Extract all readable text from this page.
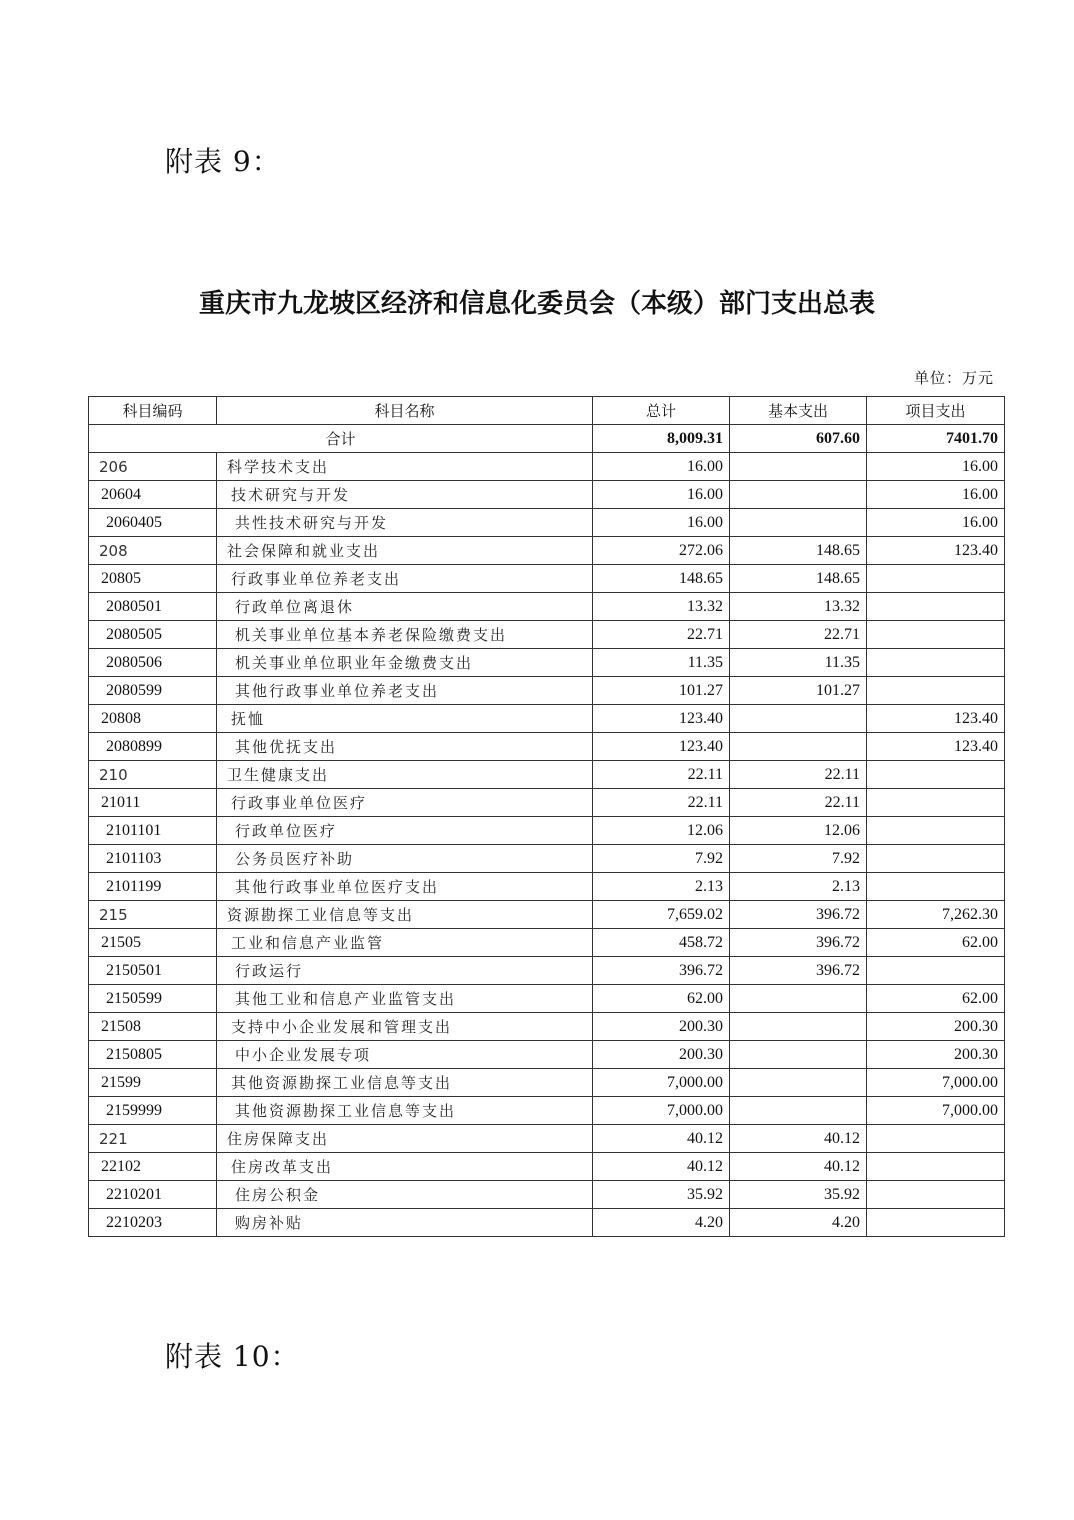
附表 9：
重庆市九龙坡区经济和信息化委员会（本级）部门支出总表
单位：万元
科目编码	科目名称	总计	基本支出	项目支出
合计		8,009.31	607.60	7401.70
206	科学技术支出	16.00		16.00
20604	技术研究与开发	16.00		16.00
2060405	共性技术研究与开发	16.00		16.00
208	社会保障和就业支出	272.06	148.65	123.40
20805	行政事业单位养老支出	148.65	148.65	
2080501	行政单位离退休	13.32	13.32	
2080505	机关事业单位基本养老保险缴费支出	22.71	22.71	
2080506	机关事业单位职业年金缴费支出	11.35	11.35	
2080599	其他行政事业单位养老支出	101.27	101.27	
20808	抚恤	123.40		123.40
2080899	其他优抚支出	123.40		123.40
210	卫生健康支出	22.11	22.11	
21011	行政事业单位医疗	22.11	22.11	
2101101	行政单位医疗	12.06	12.06	
2101103	公务员医疗补助	7.92	7.92	
2101199	其他行政事业单位医疗支出	2.13	2.13	
215	资源勘探工业信息等支出	7,659.02	396.72	7,262.30
21505	工业和信息产业监管	458.72	396.72	62.00
2150501	行政运行	396.72	396.72	
2150599	其他工业和信息产业监管支出	62.00		62.00
21508	支持中小企业发展和管理支出	200.30		200.30
2150805	中小企业发展专项	200.30		200.30
21599	其他资源勘探工业信息等支出	7,000.00		7,000.00
2159999	其他资源勘探工业信息等支出	7,000.00		7,000.00
221	住房保障支出	40.12	40.12	
22102	住房改革支出	40.12	40.12	
2210201	住房公积金	35.92	35.92	
2210203	购房补贴	4.20	4.20	
附表 10：
